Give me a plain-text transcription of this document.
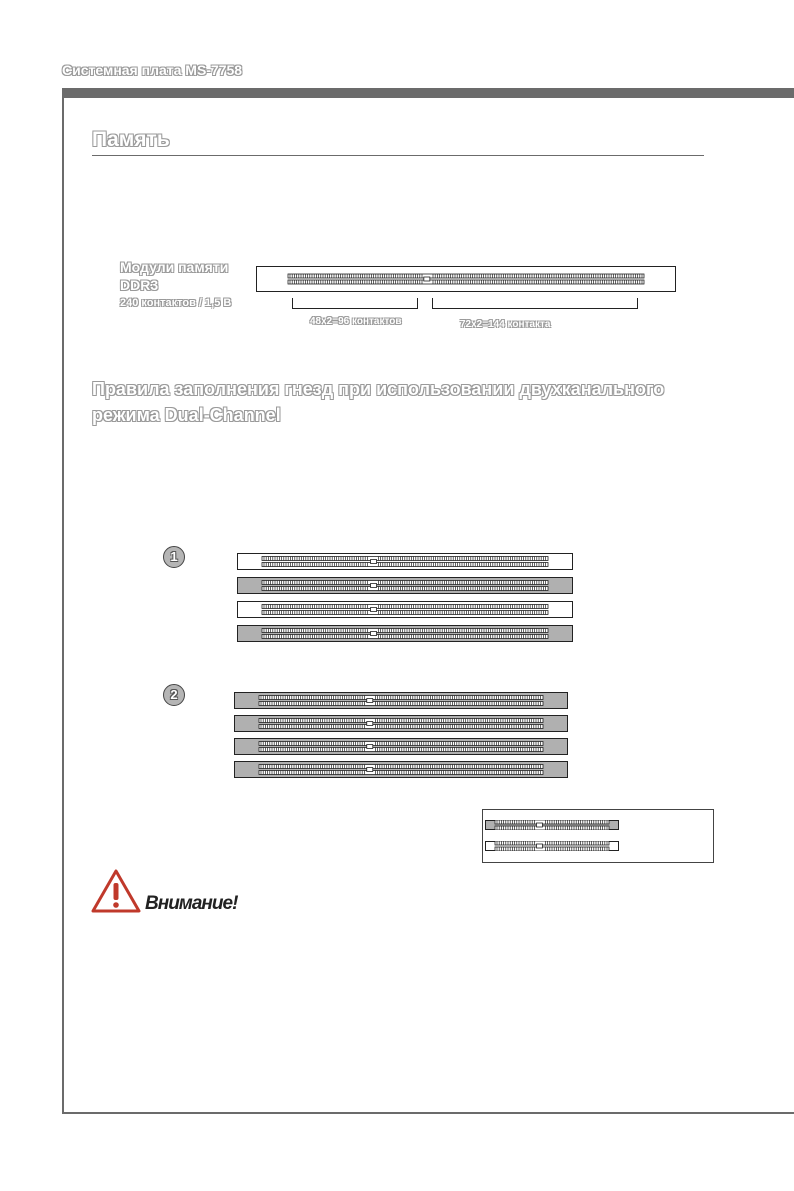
Системная плата MS-7758
Память
Модули памяти
DDR3
240 контактов / 1,5 В
48x2=96 контактов	72x2=144 контакта
Правила заполнения гнезд при использовании двухканального
режима Dual-Channel
1
2
Внимание!
